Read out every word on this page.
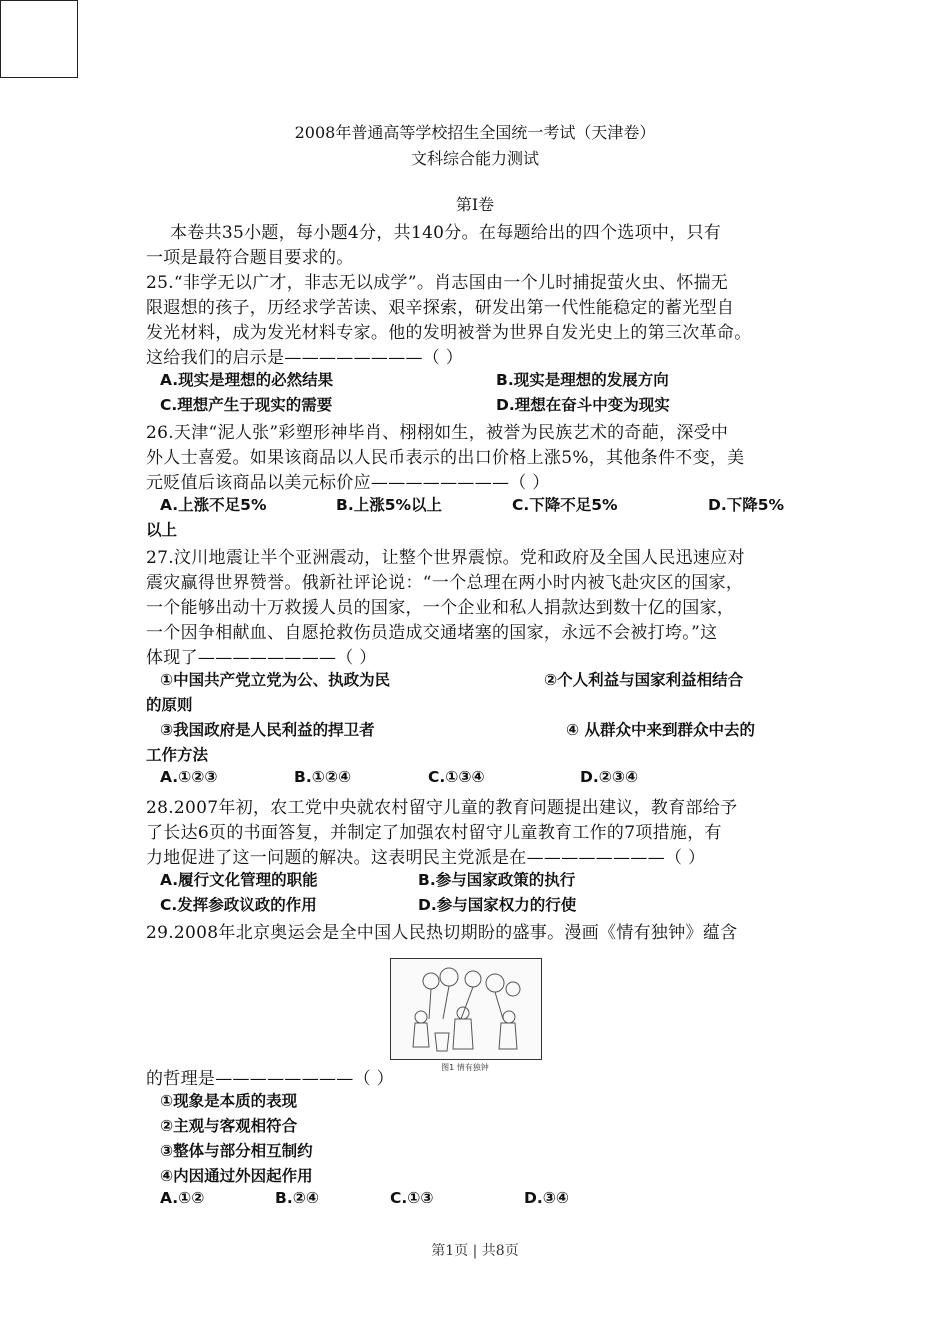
2008年普通高等学校招生全国统一考试（天津卷）
文科综合能力测试
第Ⅰ卷
本卷共35小题，每小题4分，共140分。在每题给出的四个选项中，只有
一项是最符合题目要求的。
25.“非学无以广才，非志无以成学”。肖志国由一个儿时捕捉萤火虫、怀揣无
限遐想的孩子，历经求学苦读、艰辛探索，研发出第一代性能稳定的蓄光型自
发光材料，成为发光材料专家。他的发明被誉为世界自发光史上的第三次革命。
这给我们的启示是————————（ ）
A.现实是理想的必然结果	B.现实是理想的发展方向
C.理想产生于现实的需要	D.理想在奋斗中变为现实
26.天津“泥人张”彩塑形神毕肖、栩栩如生，被誉为民族艺术的奇葩，深受中
外人士喜爱。如果该商品以人民币表示的出口价格上涨5%，其他条件不变，美
元贬值后该商品以美元标价应————————（ ）
A.上涨不足5%	B.上涨5%以上	C.下降不足5%	D.下降5%
以上
27.汶川地震让半个亚洲震动，让整个世界震惊。党和政府及全国人民迅速应对
震灾赢得世界赞誉。俄新社评论说：“一个总理在两小时内被飞赴灾区的国家，
一个能够出动十万救援人员的国家，一个企业和私人捐款达到数十亿的国家，
一个因争相献血、自愿抢救伤员造成交通堵塞的国家，永远不会被打垮。”这
体现了————————（ ）
①中国共产党立党为公、执政为民	②个人利益与国家利益相结合
的原则
③我国政府是人民利益的捍卫者	④ 从群众中来到群众中去的
工作方法
A.①②③	B.①②④	C.①③④	D.②③④
28.2007年初，农工党中央就农村留守儿童的教育问题提出建议，教育部给予
了长达6页的书面答复，并制定了加强农村留守儿童教育工作的7项措施，有
力地促进了这一问题的解决。这表明民主党派是在————————（ ）
A.履行文化管理的职能	B.参与国家政策的执行
C.发挥参政议政的作用	D.参与国家权力的行使
29.2008年北京奥运会是全中国人民热切期盼的盛事。漫画《情有独钟》蕴含
图1 情有独钟
的哲理是————————（ ）
①现象是本质的表现
②主观与客观相符合
③整体与部分相互制约
④内因通过外因起作用
A.①②	B.②④	C.①③	D.③④
第1页 | 共8页
